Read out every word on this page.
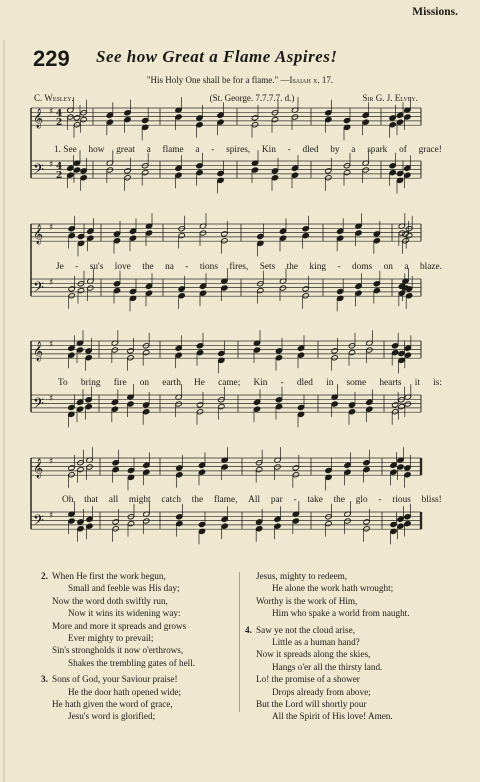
Missions.
229 See how Great a Flame Aspires!
"His Holy One shall be for a flame." —Isaiah x. 17.
C. Wesley.	(St. George. 7.7.7.7. d.)	Sir G. J. Elvey.
𝄞 ♯
𝄢 ♯
4
4
2
2
𝄞 ♯
𝄢 ♯
𝄞 ♯
𝄢 ♯
𝄞 ♯
𝄢 ♯
1. See how great a flame a - spires, Kin - dled by a spark of grace!
Je - su's love the na - tions fires, Sets the king - doms on a blaze.
To bring fire on earth He came; Kin - dled in some hearts it is:
Oh that all might catch the flame, All par - take the glo - rious bliss!
2. When He first the work begun,
Small and feeble was His day;
Now the word doth swiftly run,
Now it wins its widening way:
More and more it spreads and grows
Ever mighty to prevail;
Sin's strongholds it now o'erthrows,
Shakes the trembling gates of hell.
3. Sons of God, your Saviour praise!
He the door hath opened wide;
He hath given the word of grace,
Jesu's word is glorified;
Jesus, mighty to redeem,
He alone the work hath wrought;
Worthy is the work of Him,
Him who spake a world from naught.
4. Saw ye not the cloud arise,
Little as a human hand?
Now it spreads along the skies,
Hangs o'er all the thirsty land.
Lo! the promise of a shower
Drops already from above;
But the Lord will shortly pour
All the Spirit of His love! Amen.
